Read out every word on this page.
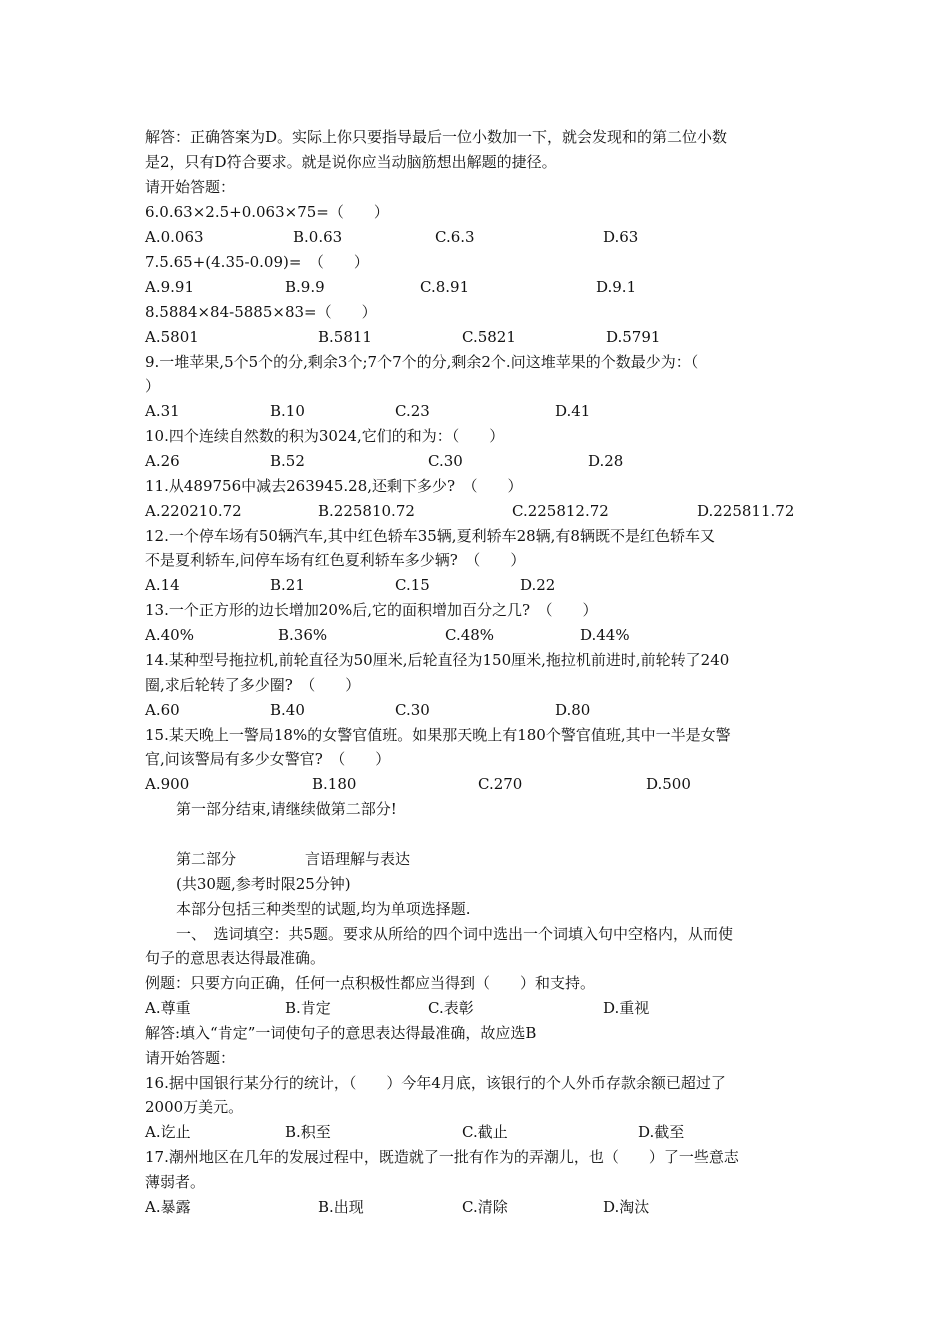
解答：正确答案为D。实际上你只要指导最后一位小数加一下，就会发现和的第二位小数
是2，只有D符合要求。就是说你应当动脑筋想出解题的捷径。
请开始答题：
6.0.63×2.5+0.063×75=（　　）
A.0.063	B.0.63	C.6.3	D.63
7.5.65+(4.35-0.09)=　（　　）
A.9.91	B.9.9	C.8.91	D.9.1
8.5884×84-5885×83=（　　）
A.5801	B.5811	C.5821	D.5791
9.一堆苹果,5个5个的分,剩余3个;7个7个的分,剩余2个.问这堆苹果的个数最少为：（
）
A.31	B.10	C.23	D.41
10.四个连续自然数的积为3024,它们的和为：（　　）
A.26	B.52	C.30	D.28
11.从489756中减去263945.28,还剩下多少?　（　　）
A.220210.72	B.225810.72	C.225812.72	D.225811.72
12.一个停车场有50辆汽车,其中红色轿车35辆,夏利轿车28辆,有8辆既不是红色轿车又
不是夏利轿车,问停车场有红色夏利轿车多少辆?　（　　）
A.14	B.21	C.15	D.22
13.一个正方形的边长增加20%后,它的面积增加百分之几?　（　　）
A.40%	B.36%	C.48%	D.44%
14.某种型号拖拉机,前轮直径为50厘米,后轮直径为150厘米,拖拉机前进时,前轮转了240
圈,求后轮转了多少圈?　（　　）
A.60	B.40	C.30	D.80
15.某天晚上一警局18%的女警官值班。如果那天晚上有180个警官值班,其中一半是女警
官,问该警局有多少女警官?　（　　）
A.900	B.180	C.270	D.500
第一部分结束,请继续做第二部分!
第二部分	言语理解与表达
(共30题,参考时限25分钟)
本部分包括三种类型的试题,均为单项选择题.
一、　选词填空：共5题。要求从所给的四个词中选出一个词填入句中空格内，从而使
句子的意思表达得最准确。
例题：只要方向正确，任何一点积极性都应当得到（　　）和支持。
A.尊重	B.肯定	C.表彰	D.重视
解答:填入“肯定”一词使句子的意思表达得最准确，故应选B
请开始答题：
16.据中国银行某分行的统计，（　　）今年4月底，该银行的个人外币存款余额已超过了
2000万美元。
A.讫止	B.积至	C.截止	D.截至
17.潮州地区在几年的发展过程中，既造就了一批有作为的弄潮儿，也（　　）了一些意志
薄弱者。
A.暴露	B.出现	C.清除	D.淘汰
